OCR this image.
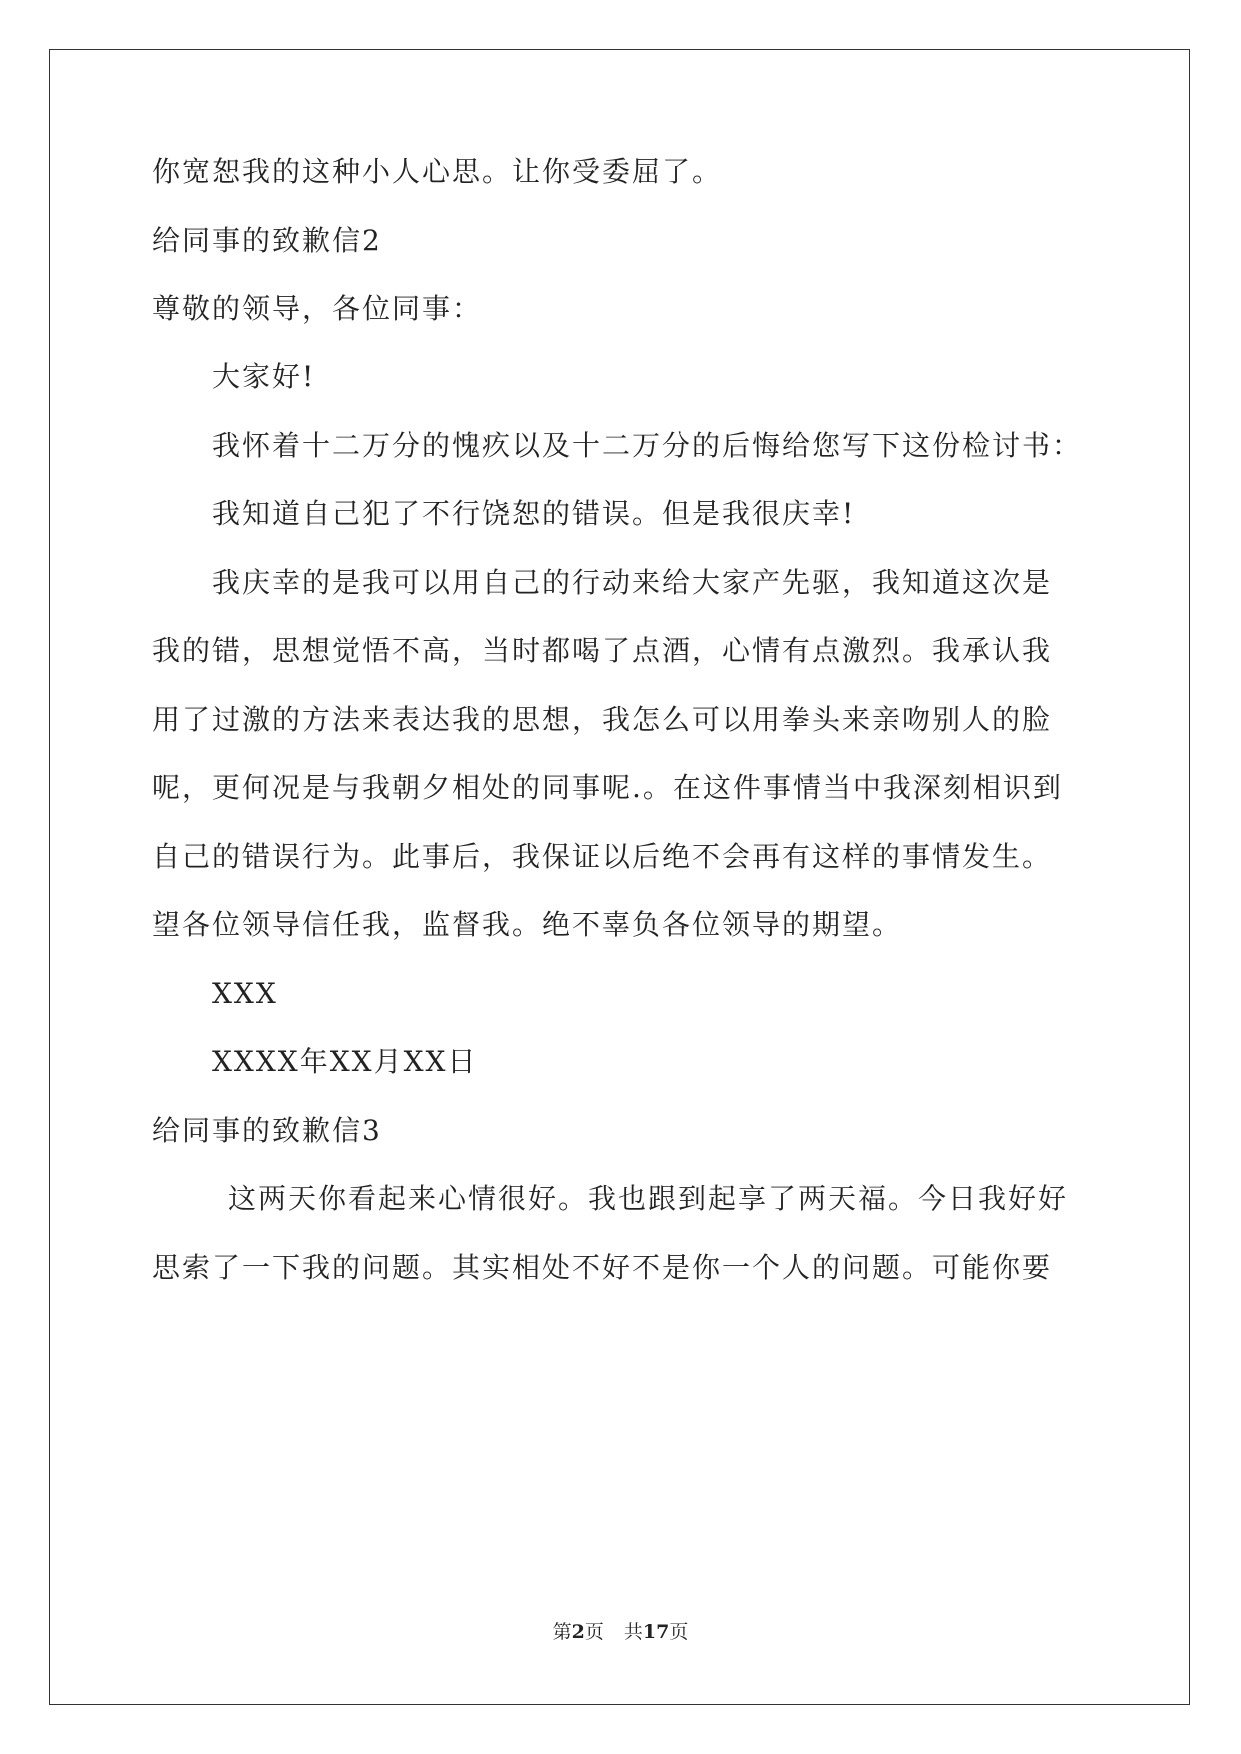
你宽恕我的这种小人心思。让你受委屈了。
给同事的致歉信2
尊敬的领导，各位同事：
大家好!
我怀着十二万分的愧疚以及十二万分的后悔给您写下这份检讨书：
我知道自己犯了不行饶恕的错误。但是我很庆幸!
我庆幸的是我可以用自己的行动来给大家产先驱，我知道这次是
我的错，思想觉悟不高，当时都喝了点酒，心情有点激烈。我承认我
用了过激的方法来表达我的思想，我怎么可以用拳头来亲吻别人的脸
呢，更何况是与我朝夕相处的同事呢.。在这件事情当中我深刻相识到
自己的错误行为。此事后，我保证以后绝不会再有这样的事情发生。
望各位领导信任我，监督我。绝不辜负各位领导的期望。
XXX
XXXX年XX月XX日
给同事的致歉信3
这两天你看起来心情很好。我也跟到起享了两天福。今日我好好
思索了一下我的问题。其实相处不好不是你一个人的问题。可能你要
第2页 共17页
